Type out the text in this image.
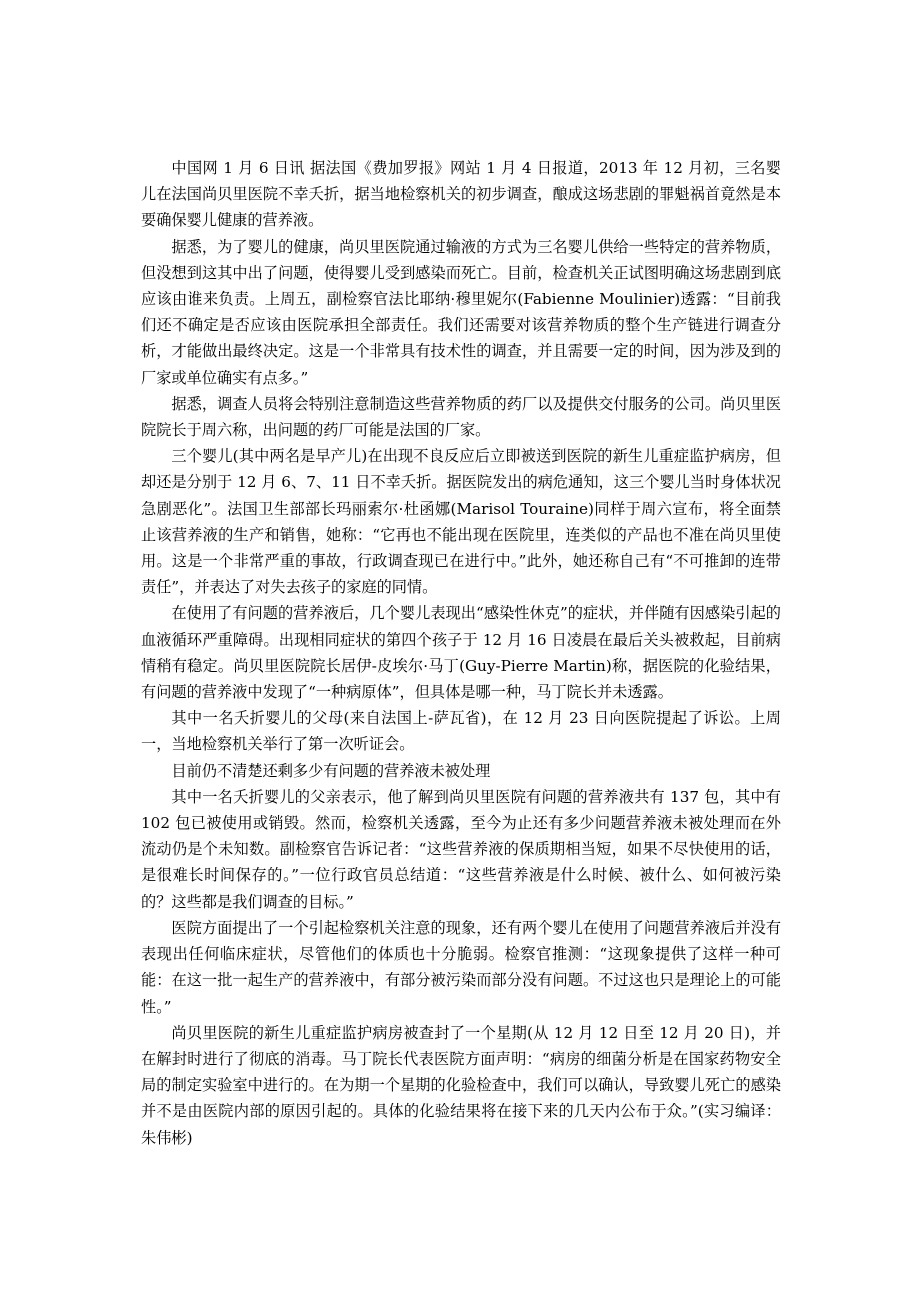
中国网 1 月 6 日讯 据法国《费加罗报》网站 1 月 4 日报道，2013 年 12 月初，三名婴儿在法国尚贝里医院不幸夭折，据当地检察机关的初步调查，酿成这场悲剧的罪魁祸首竟然是本要确保婴儿健康的营养液。

据悉，为了婴儿的健康，尚贝里医院通过输液的方式为三名婴儿供给一些特定的营养物质，但没想到这其中出了问题，使得婴儿受到感染而死亡。目前，检查机关正试图明确这场悲剧到底应该由谁来负责。上周五，副检察官法比耶纳·穆里妮尔(Fabienne Moulinier)透露：“目前我们还不确定是否应该由医院承担全部责任。我们还需要对该营养物质的整个生产链进行调查分析，才能做出最终决定。这是一个非常具有技术性的调查，并且需要一定的时间，因为涉及到的厂家或单位确实有点多。”

据悉，调查人员将会特别注意制造这些营养物质的药厂以及提供交付服务的公司。尚贝里医院院长于周六称，出问题的药厂可能是法国的厂家。

三个婴儿(其中两名是早产儿)在出现不良反应后立即被送到医院的新生儿重症监护病房，但却还是分别于 12 月 6、7、11 日不幸夭折。据医院发出的病危通知，这三个婴儿当时身体状况急剧恶化”。法国卫生部部长玛丽索尔·杜函娜(Marisol Touraine)同样于周六宣布，将全面禁止该营养液的生产和销售，她称：“它再也不能出现在医院里，连类似的产品也不准在尚贝里使用。这是一个非常严重的事故，行政调查现已在进行中。”此外，她还称自己有“不可推卸的连带责任”，并表达了对失去孩子的家庭的同情。

在使用了有问题的营养液后，几个婴儿表现出“感染性休克”的症状，并伴随有因感染引起的血液循环严重障碍。出现相同症状的第四个孩子于 12 月 16 日凌晨在最后关头被救起，目前病情稍有稳定。尚贝里医院院长居伊-皮埃尔·马丁(Guy-Pierre Martin)称，据医院的化验结果，有问题的营养液中发现了“一种病原体”，但具体是哪一种，马丁院长并未透露。

其中一名夭折婴儿的父母(来自法国上-萨瓦省)，在 12 月 23 日向医院提起了诉讼。上周一，当地检察机关举行了第一次听证会。

目前仍不清楚还剩多少有问题的营养液未被处理

其中一名夭折婴儿的父亲表示，他了解到尚贝里医院有问题的营养液共有 137 包，其中有 102 包已被使用或销毁。然而，检察机关透露，至今为止还有多少问题营养液未被处理而在外流动仍是个未知数。副检察官告诉记者：“这些营养液的保质期相当短，如果不尽快使用的话，是很难长时间保存的。”一位行政官员总结道：“这些营养液是什么时候、被什么、如何被污染的？这些都是我们调查的目标。”

医院方面提出了一个引起检察机关注意的现象，还有两个婴儿在使用了问题营养液后并没有表现出任何临床症状，尽管他们的体质也十分脆弱。检察官推测：“这现象提供了这样一种可能：在这一批一起生产的营养液中，有部分被污染而部分没有问题。不过这也只是理论上的可能性。”

尚贝里医院的新生儿重症监护病房被查封了一个星期(从 12 月 12 日至 12 月 20 日)，并在解封时进行了彻底的消毒。马丁院长代表医院方面声明：“病房的细菌分析是在国家药物安全局的制定实验室中进行的。在为期一个星期的化验检查中，我们可以确认，导致婴儿死亡的感染并不是由医院内部的原因引起的。具体的化验结果将在接下来的几天内公布于众。”(实习编译：朱伟彬)
